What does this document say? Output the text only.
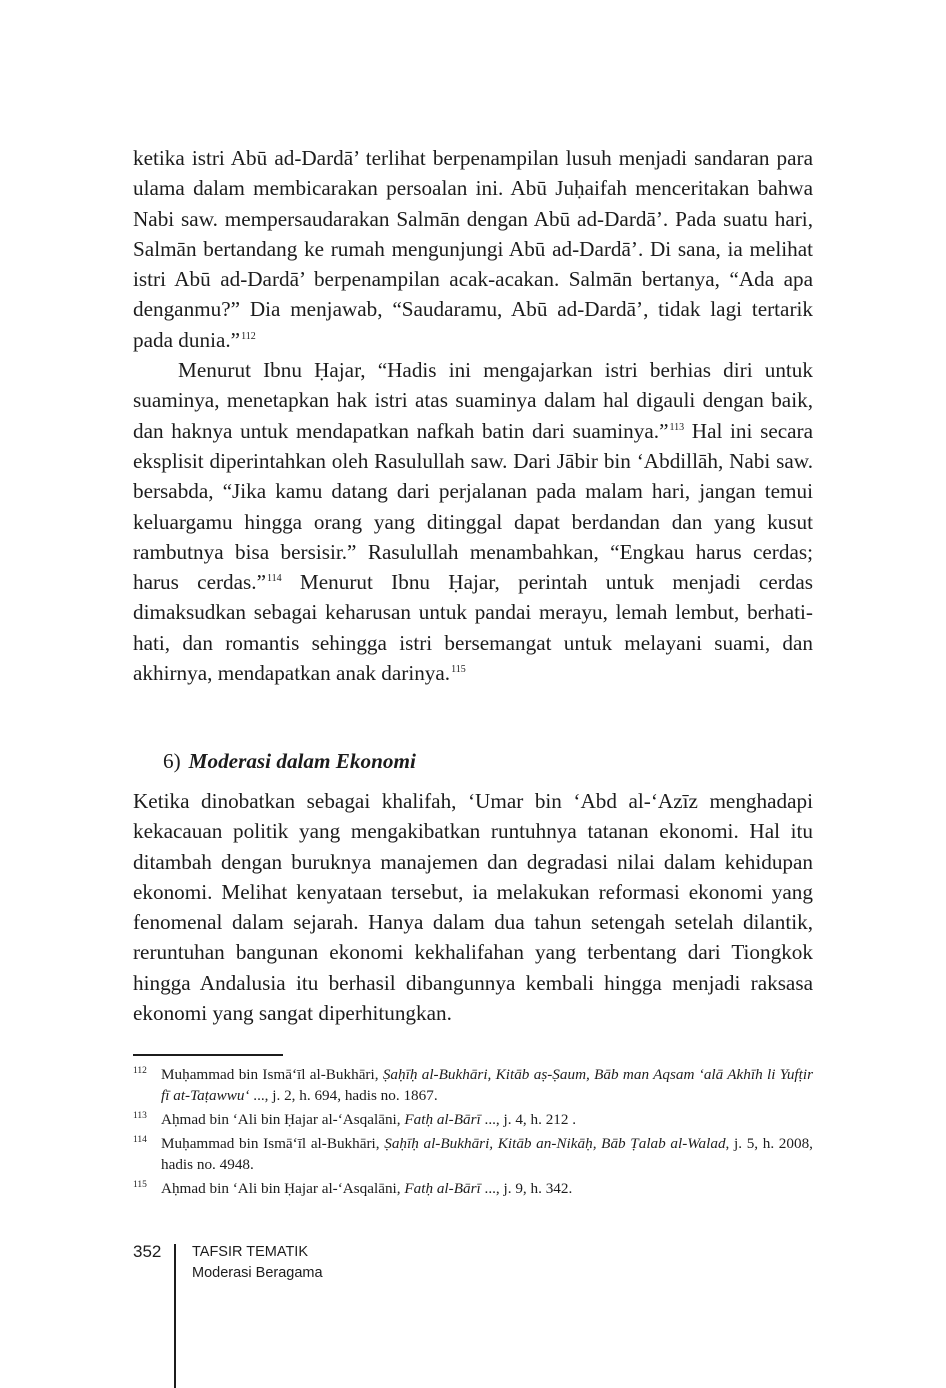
ketika istri Abū ad-Dardā’ terlihat berpenampilan lusuh menjadi sandaran para ulama dalam membicarakan persoalan ini. Abū Juḥaifah menceritakan bahwa Nabi saw. mempersaudarakan Salmān dengan Abū ad-Dardā’. Pada suatu hari, Salmān bertandang ke rumah mengunjungi Abū ad-Dardā’. Di sana, ia melihat istri Abū ad-Dardā’ berpenampilan acak-acakan. Salmān bertanya, “Ada apa denganmu?” Dia menjawab, “Saudaramu, Abū ad-Dardā’, tidak lagi tertarik pada dunia.”$^{112}$

Menurut Ibnu Ḥajar, “Hadis ini mengajarkan istri berhias diri untuk suaminya, menetapkan hak istri atas suaminya dalam hal digauli dengan baik, dan haknya untuk mendapatkan nafkah batin dari suaminya.”$^{113}$ Hal ini secara eksplisit diperintahkan oleh Rasulullah saw. Dari Jābir bin ‘Abdillāh, Nabi saw. bersabda, “Jika kamu datang dari perjalanan pada malam hari, jangan temui keluargamu hingga orang yang ditinggal dapat berdandan dan yang kusut rambutnya bisa bersisir.” Rasulullah menambahkan, “Engkau harus cerdas; harus cerdas.”$^{114}$ Menurut Ibnu Ḥajar, perintah untuk menjadi cerdas dimaksudkan sebagai keharusan untuk pandai merayu, lemah lembut, berhati-hati, dan romantis sehingga istri bersemangat untuk melayani suami, dan akhirnya, mendapatkan anak darinya.$^{115}$

6) Moderasi dalam Ekonomi

Ketika dinobatkan sebagai khalifah, ‘Umar bin ‘Abd al-‘Azīz menghadapi kekacauan politik yang mengakibatkan runtuhnya tatanan ekonomi. Hal itu ditambah dengan buruknya manajemen dan degradasi nilai dalam kehidupan ekonomi. Melihat kenyataan tersebut, ia melakukan reformasi ekonomi yang fenomenal dalam sejarah. Hanya dalam dua tahun setengah setelah dilantik, reruntuhan bangunan ekonomi kekhalifahan yang terbentang dari Tiongkok hingga Andalusia itu berhasil dibangunnya kembali hingga menjadi raksasa ekonomi yang sangat diperhitungkan.

112 Muḥammad bin Ismā‘īl al-Bukhāri, Ṣaḥīḥ al-Bukhāri, Kitāb aṣ-Ṣaum, Bāb man Aqsam ‘alā Akhīh li Yufṭir fī at-Taṭawwu‘ ..., j. 2, h. 694, hadis no. 1867.
113 Aḥmad bin ‘Ali bin Ḥajar al-‘Asqalāni, Fatḥ al-Bārī ..., j. 4, h. 212 .
114 Muḥammad bin Ismā‘īl al-Bukhāri, Ṣaḥīḥ al-Bukhāri, Kitāb an-Nikāḥ, Bāb Ṭalab al-Walad, j. 5, h. 2008, hadis no. 4948.
115 Aḥmad bin ‘Ali bin Ḥajar al-‘Asqalāni, Fatḥ al-Bārī ..., j. 9, h. 342.
352 TAFSIR TEMATIK
Moderasi Beragama
